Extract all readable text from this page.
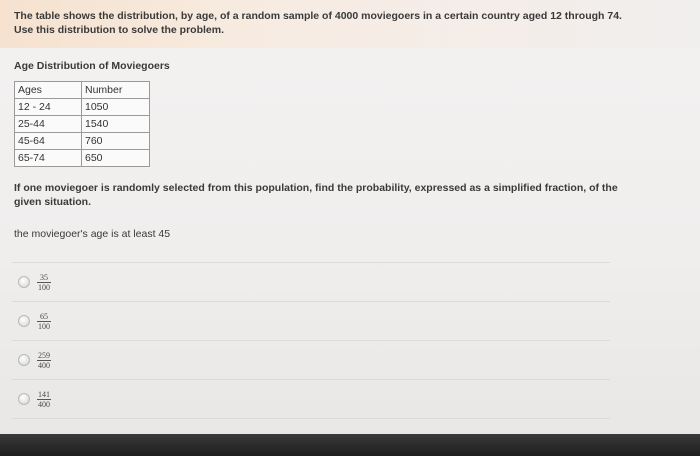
The table shows the distribution, by age, of a random sample of 4000 moviegoers in a certain country aged 12 through 74.
Use this distribution to solve the problem.
Age Distribution of Moviegoers
Ages	Number
12 - 24	1050
25-44	1540
45-64	760
65-74	650
If one moviegoer is randomly selected from this population, find the probability, expressed as a simplified fraction, of the
given situation.
the moviegoer's age is at least 45
$\frac{35}{100}$
$\frac{65}{100}$
$\frac{259}{400}$
$\frac{141}{400}$
